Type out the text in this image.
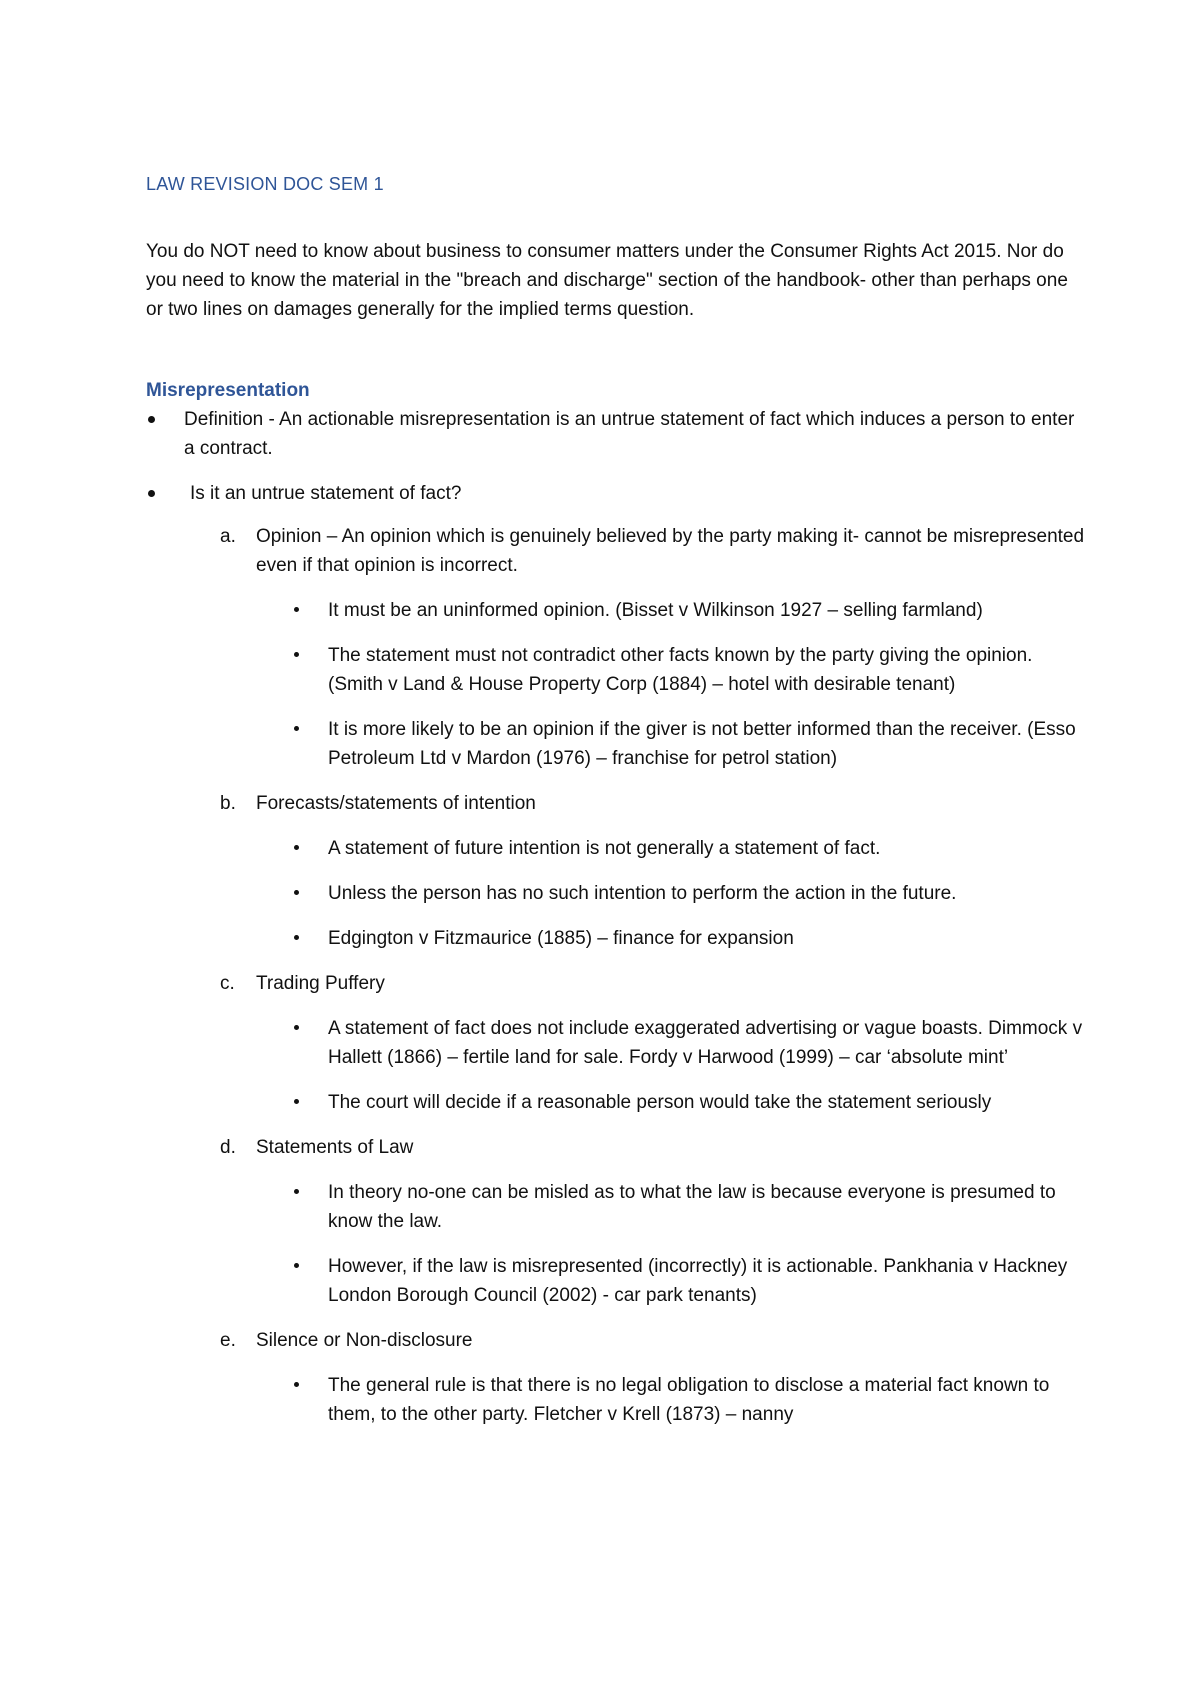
LAW REVISION DOC SEM 1

You do NOT need to know about business to consumer matters under the Consumer Rights Act 2015. Nor do you need to know the material in the "breach and discharge" section of the handbook- other than perhaps one or two lines on damages generally for the implied terms question.

Misrepresentation
Definition - An actionable misrepresentation is an untrue statement of fact which induces a person to enter a contract.
Is it an untrue statement of fact?
a. Opinion – An opinion which is genuinely believed by the party making it- cannot be misrepresented even if that opinion is incorrect.
It must be an uninformed opinion. (Bisset v Wilkinson 1927 – selling farmland)
The statement must not contradict other facts known by the party giving the opinion. (Smith v Land & House Property Corp (1884) – hotel with desirable tenant)
It is more likely to be an opinion if the giver is not better informed than the receiver. (Esso Petroleum Ltd v Mardon (1976) – franchise for petrol station)
b. Forecasts/statements of intention
A statement of future intention is not generally a statement of fact.
Unless the person has no such intention to perform the action in the future.
Edgington v Fitzmaurice (1885) – finance for expansion
c. Trading Puffery
A statement of fact does not include exaggerated advertising or vague boasts. Dimmock v Hallett (1866) – fertile land for sale. Fordy v Harwood (1999) – car ‘absolute mint’
The court will decide if a reasonable person would take the statement seriously
d. Statements of Law
In theory no-one can be misled as to what the law is because everyone is presumed to know the law.
However, if the law is misrepresented (incorrectly) it is actionable. Pankhania v Hackney London Borough Council (2002) - car park tenants)
e. Silence or Non-disclosure
The general rule is that there is no legal obligation to disclose a material fact known to them, to the other party. Fletcher v Krell (1873) – nanny
